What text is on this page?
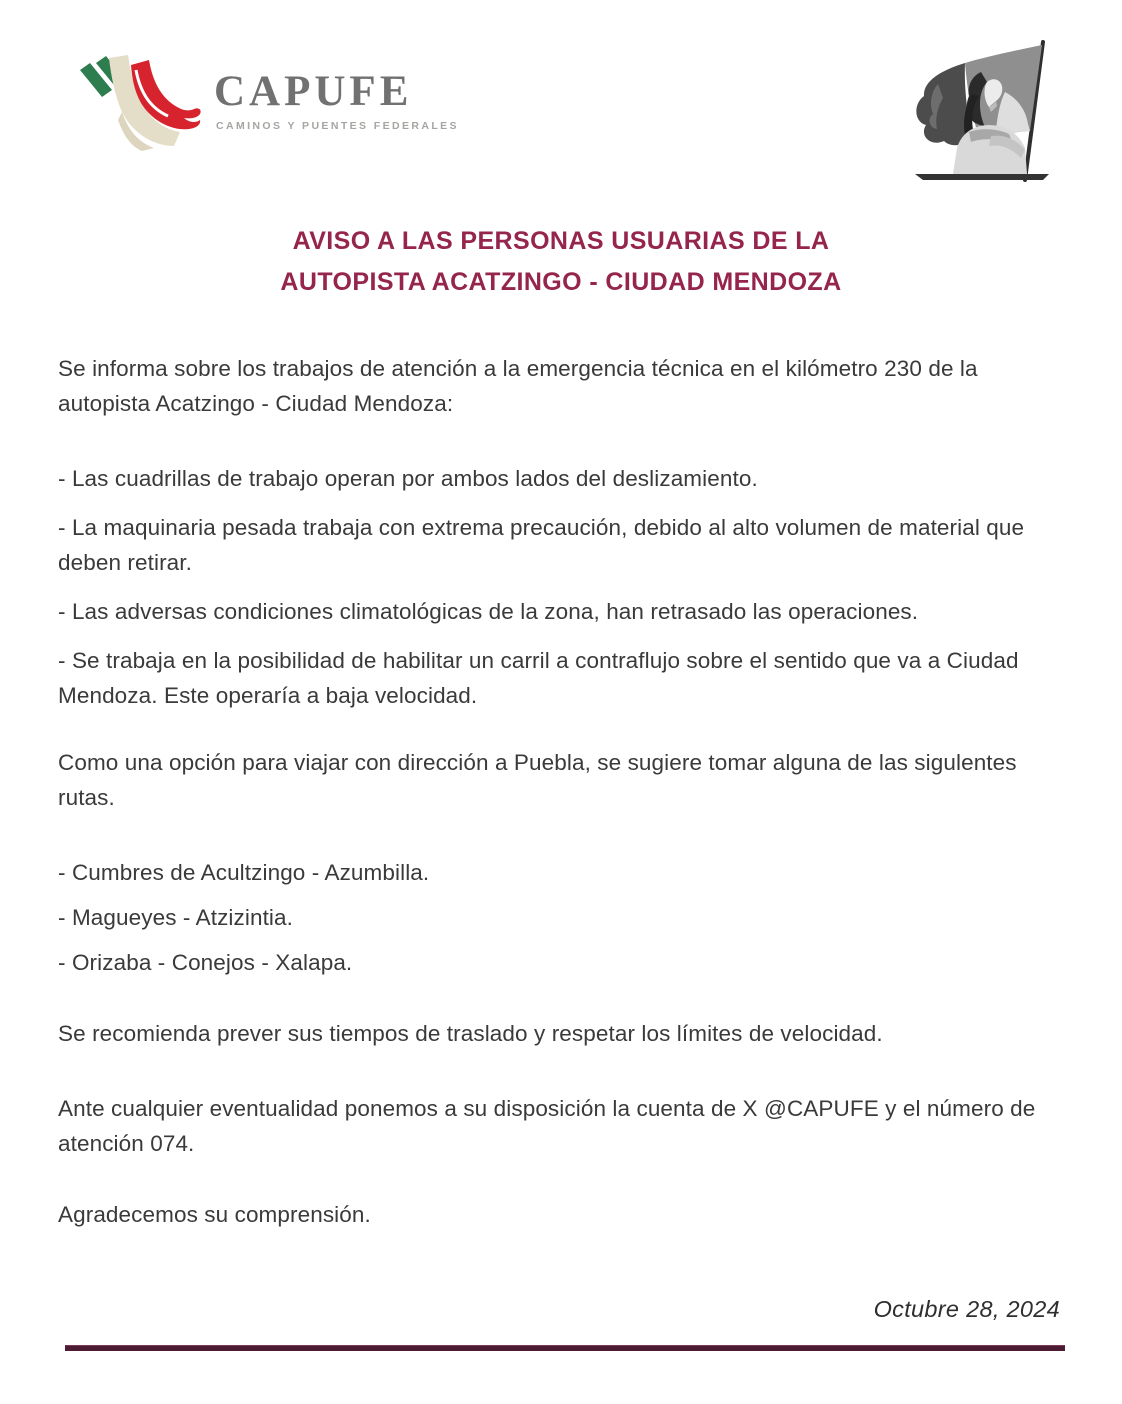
CAPUFE
CAMINOS Y PUENTES FEDERALES
AVISO A LAS PERSONAS USUARIAS DE LA
AUTOPISTA ACATZINGO - CIUDAD MENDOZA

Se informa sobre los trabajos de atención a la emergencia técnica en el kilómetro 230 de la autopista Acatzingo - Ciudad Mendoza:

- Las cuadrillas de trabajo operan por ambos lados del deslizamiento.

- La maquinaria pesada trabaja con extrema precaución, debido al alto volumen de material que deben retirar.

- Las adversas condiciones climatológicas de la zona, han retrasado las operaciones.

- Se trabaja en la posibilidad de habilitar un carril a contraflujo sobre el sentido que va a Ciudad Mendoza. Este operaría a baja velocidad.

Como una opción para viajar con dirección a Puebla, se sugiere tomar alguna de las sigulentes rutas.

- Cumbres de Acultzingo - Azumbilla.

- Magueyes - Atzizintia.

- Orizaba - Conejos - Xalapa.

Se recomienda prever sus tiempos de traslado y respetar los límites de velocidad.

Ante cualquier eventualidad ponemos a su disposición la cuenta de X @CAPUFE y el número de atención 074.

Agradecemos su comprensión.

Octubre 28, 2024
